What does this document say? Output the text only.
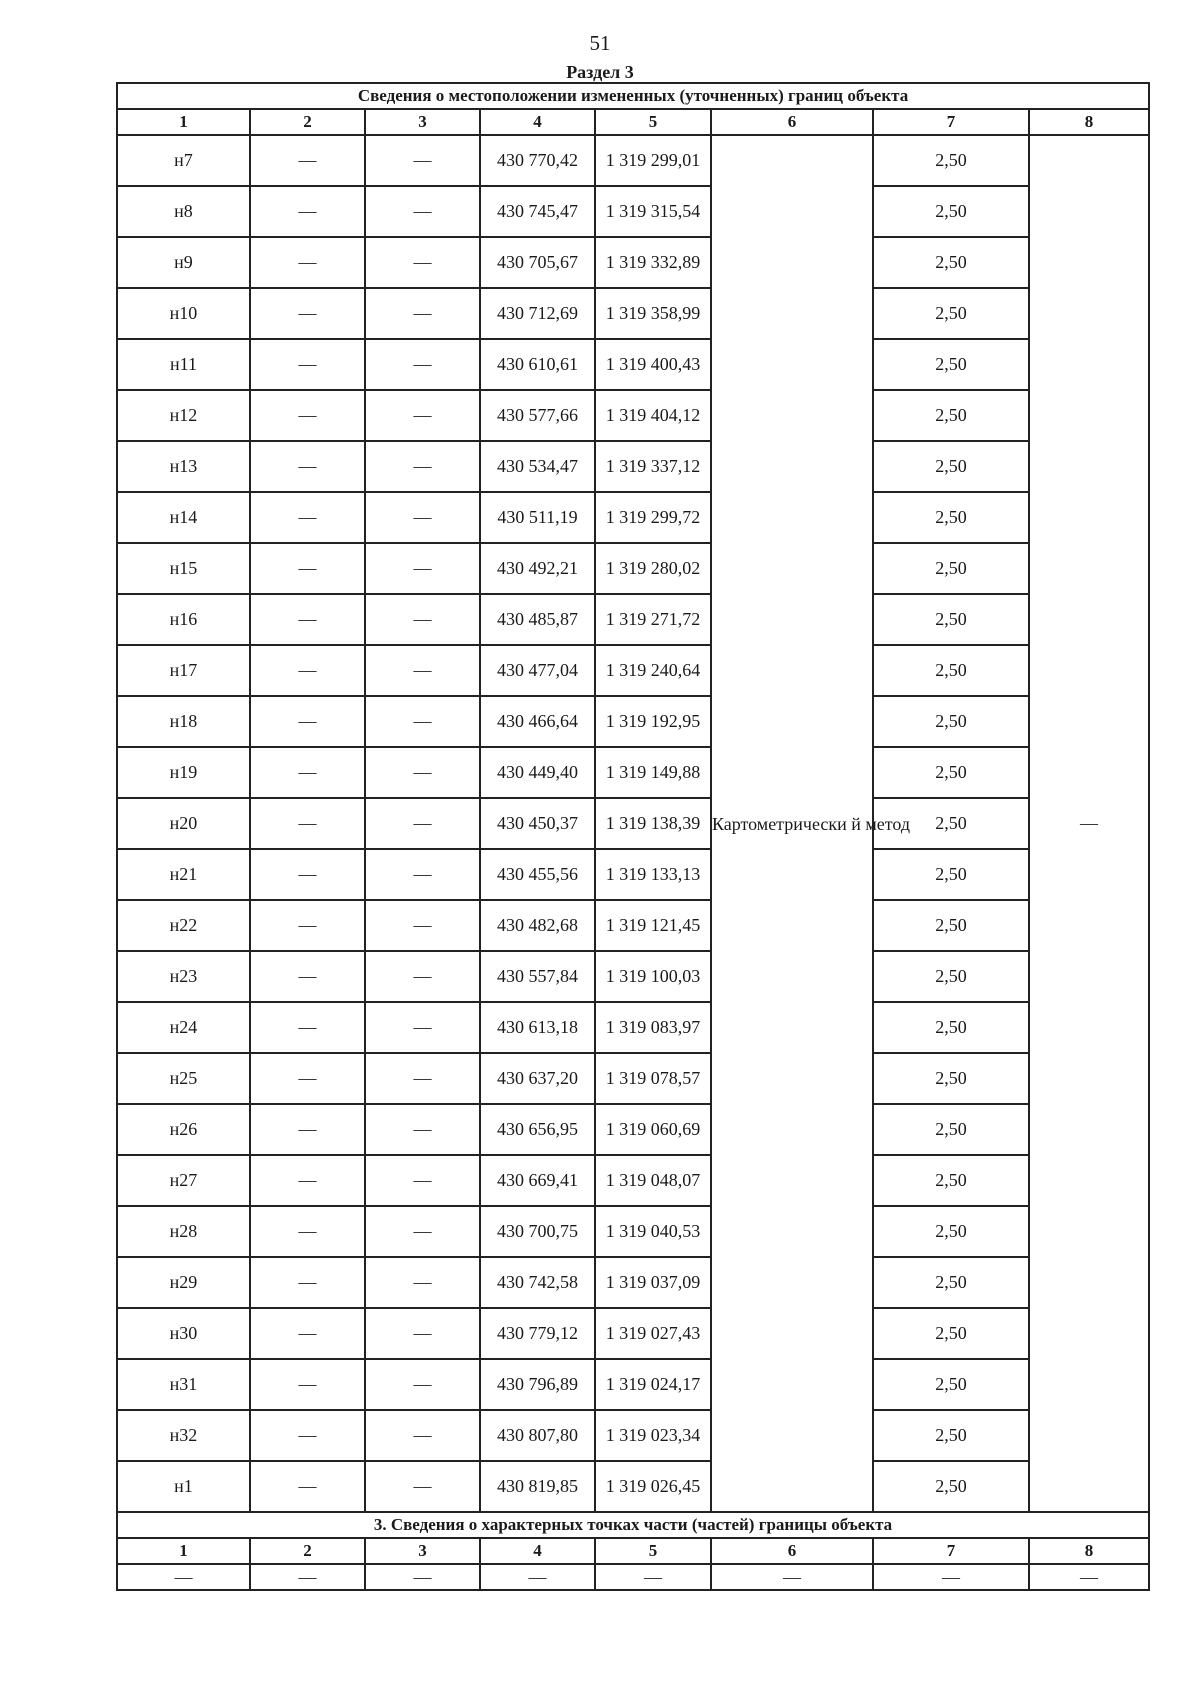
51
Раздел 3
Сведения о местоположении измененных (уточненных) границ объекта							
1	2	3	4	5	6	7	8
н7	—	—	430 770,42	1 319 299,01	Картометрически й метод	2,50	—
н8	—	—	430 745,47	1 319 315,54		2,50	
н9	—	—	430 705,67	1 319 332,89		2,50	
н10	—	—	430 712,69	1 319 358,99		2,50	
н11	—	—	430 610,61	1 319 400,43		2,50	
н12	—	—	430 577,66	1 319 404,12		2,50	
н13	—	—	430 534,47	1 319 337,12		2,50	
н14	—	—	430 511,19	1 319 299,72		2,50	
н15	—	—	430 492,21	1 319 280,02		2,50	
н16	—	—	430 485,87	1 319 271,72		2,50	
н17	—	—	430 477,04	1 319 240,64		2,50	
н18	—	—	430 466,64	1 319 192,95		2,50	
н19	—	—	430 449,40	1 319 149,88		2,50	
н20	—	—	430 450,37	1 319 138,39		2,50	
н21	—	—	430 455,56	1 319 133,13		2,50	
н22	—	—	430 482,68	1 319 121,45		2,50	
н23	—	—	430 557,84	1 319 100,03		2,50	
н24	—	—	430 613,18	1 319 083,97		2,50	
н25	—	—	430 637,20	1 319 078,57		2,50	
н26	—	—	430 656,95	1 319 060,69		2,50	
н27	—	—	430 669,41	1 319 048,07		2,50	
н28	—	—	430 700,75	1 319 040,53		2,50	
н29	—	—	430 742,58	1 319 037,09		2,50	
н30	—	—	430 779,12	1 319 027,43		2,50	
н31	—	—	430 796,89	1 319 024,17		2,50	
н32	—	—	430 807,80	1 319 023,34		2,50	
н1	—	—	430 819,85	1 319 026,45		2,50	
3. Сведения о характерных точках части (частей) границы объекта							
1	2	3	4	5	6	7	8
—	—	—	—	—	—	—	—
